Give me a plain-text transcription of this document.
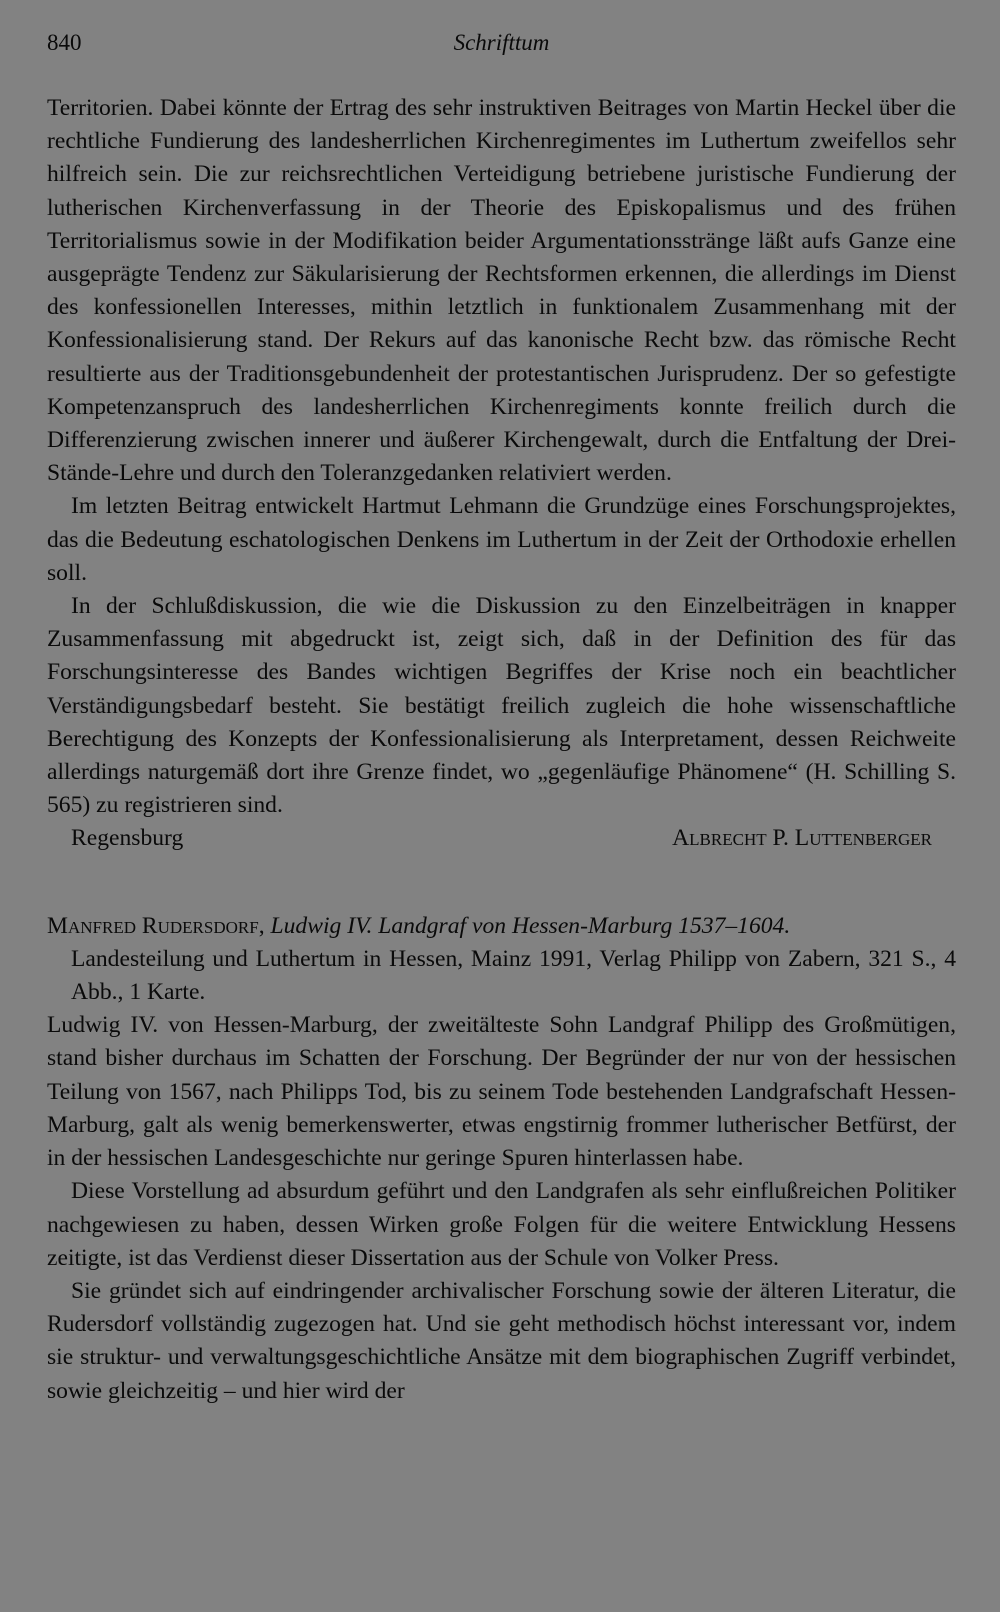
840	Schrifttum

Territorien. Dabei könnte der Ertrag des sehr instruktiven Beitrages von Martin Heckel über die rechtliche Fundierung des landesherrlichen Kirchenregimentes im Luthertum zweifellos sehr hilfreich sein. Die zur reichsrechtlichen Verteidigung betriebene juristische Fundierung der lutherischen Kirchenverfassung in der Theorie des Episkopalismus und des frühen Territorialismus sowie in der Modifikation beider Argumentationsstränge läßt aufs Ganze eine ausgeprägte Tendenz zur Säkularisierung der Rechtsformen erkennen, die allerdings im Dienst des konfessionellen Interesses, mithin letztlich in funktionalem Zusammenhang mit der Konfessionalisierung stand. Der Rekurs auf das kanonische Recht bzw. das römische Recht resultierte aus der Traditionsgebundenheit der protestantischen Jurisprudenz. Der so gefestigte Kompetenzanspruch des landesherrlichen Kirchenregiments konnte freilich durch die Differenzierung zwischen innerer und äußerer Kirchengewalt, durch die Entfaltung der Drei-Stände-Lehre und durch den Toleranzgedanken relativiert werden.

Im letzten Beitrag entwickelt Hartmut Lehmann die Grundzüge eines Forschungsprojektes, das die Bedeutung eschatologischen Denkens im Luthertum in der Zeit der Orthodoxie erhellen soll.

In der Schlußdiskussion, die wie die Diskussion zu den Einzelbeiträgen in knapper Zusammenfassung mit abgedruckt ist, zeigt sich, daß in der Definition des für das Forschungsinteresse des Bandes wichtigen Begriffes der Krise noch ein beachtlicher Verständigungsbedarf besteht. Sie bestätigt freilich zugleich die hohe wissenschaftliche Berechtigung des Konzepts der Konfessionalisierung als Interpretament, dessen Reichweite allerdings naturgemäß dort ihre Grenze findet, wo „gegenläufige Phänomene“ (H. Schilling S. 565) zu registrieren sind.

Regensburg	Albrecht P. Luttenberger
Manfred Rudersdorf, Ludwig IV. Landgraf von Hessen-Marburg 1537–1604.
Landesteilung und Luthertum in Hessen, Mainz 1991, Verlag Philipp von Zabern, 321 S., 4 Abb., 1 Karte.

Ludwig IV. von Hessen-Marburg, der zweitälteste Sohn Landgraf Philipp des Großmütigen, stand bisher durchaus im Schatten der Forschung. Der Begründer der nur von der hessischen Teilung von 1567, nach Philipps Tod, bis zu seinem Tode bestehenden Landgrafschaft Hessen-Marburg, galt als wenig bemerkenswerter, etwas engstirnig frommer lutherischer Betfürst, der in der hessischen Landesgeschichte nur geringe Spuren hinterlassen habe.

Diese Vorstellung ad absurdum geführt und den Landgrafen als sehr einflußreichen Politiker nachgewiesen zu haben, dessen Wirken große Folgen für die weitere Entwicklung Hessens zeitigte, ist das Verdienst dieser Dissertation aus der Schule von Volker Press.

Sie gründet sich auf eindringender archivalischer Forschung sowie der älteren Literatur, die Rudersdorf vollständig zugezogen hat. Und sie geht methodisch höchst interessant vor, indem sie struktur- und verwaltungsgeschichtliche Ansätze mit dem biographischen Zugriff verbindet, sowie gleichzeitig – und hier wird der
